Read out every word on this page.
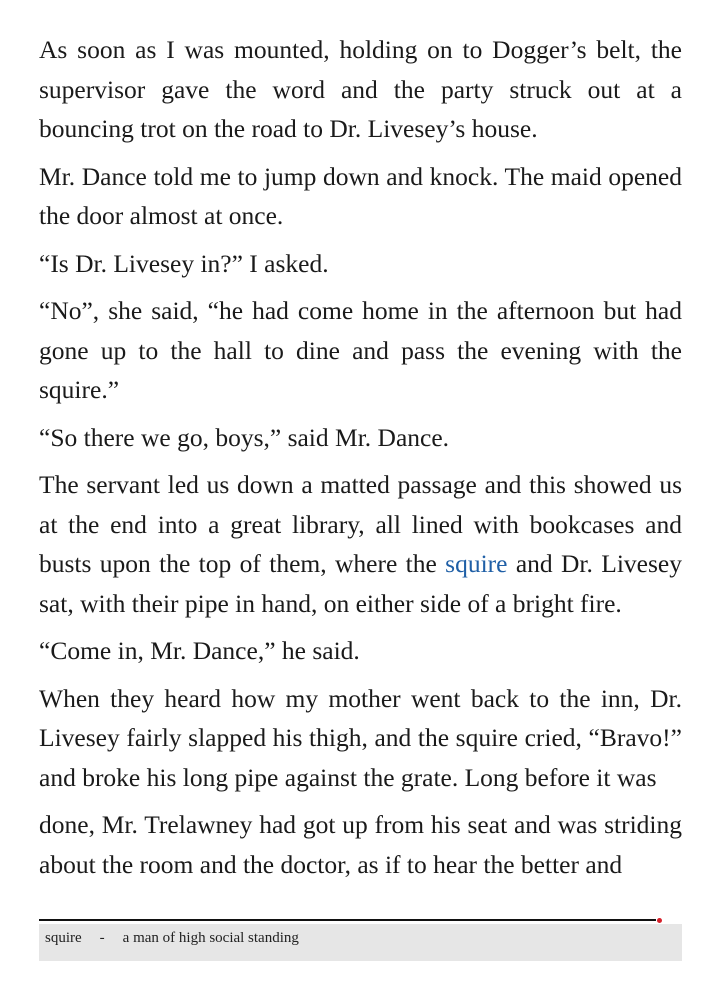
As soon as I was mounted, holding on to Dogger’s belt, the supervisor gave the word and the party struck out at a bouncing trot on the road to Dr. Livesey’s house.

Mr. Dance told me to jump down and knock. The maid opened the door almost at once.

“Is Dr. Livesey in?” I asked.

“No”, she said, “he had come home in the afternoon but had gone up to the hall to dine and pass the evening with the squire.”

“So there we go, boys,” said Mr. Dance.

The servant led us down a matted passage and this showed us at the end into a great library, all lined with bookcases and busts upon the top of them, where the squire and Dr. Livesey sat, with their pipe in hand, on either side of a bright fire.

“Come in, Mr. Dance,” he said.

When they heard how my mother went back to the inn, Dr. Livesey fairly slapped his thigh, and the squire cried, “Bravo!” and broke his long pipe against the grate. Long before it was

done, Mr. Trelawney had got up from his seat and was striding about the room and the doctor, as if to hear the better and

squire - a man of high social standing
